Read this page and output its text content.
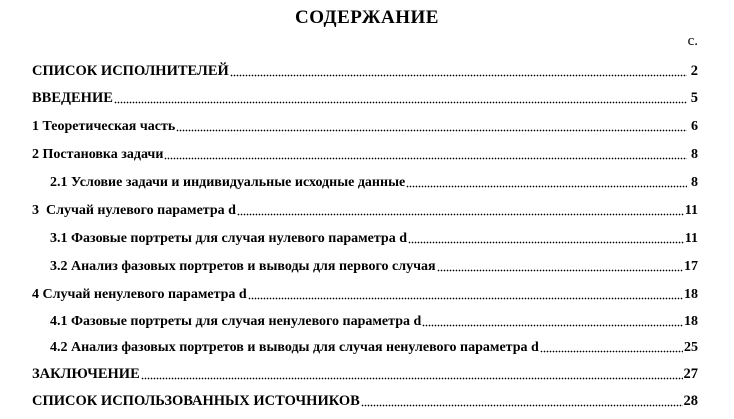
СОДЕРЖАНИЕ
с.
СПИСОК ИСПОЛНИТЕЛЕЙ	2
ВВЕДЕНИЕ	5
1 Теоретическая часть	6
2 Постановка задачи	8
2.1 Условие задачи и индивидуальные исходные данные	8
3  Случай нулевого параметра d	11
3.1 Фазовые портреты для случая нулевого параметра d	11
3.2 Анализ фазовых портретов и выводы для первого случая	17
4 Случай ненулевого параметра d	18
4.1 Фазовые портреты для случая ненулевого параметра d	18
4.2 Анализ фазовых портретов и выводы для случая ненулевого параметра d	25
ЗАКЛЮЧЕНИЕ	27
СПИСОК ИСПОЛЬЗОВАННЫХ ИСТОЧНИКОВ	28
